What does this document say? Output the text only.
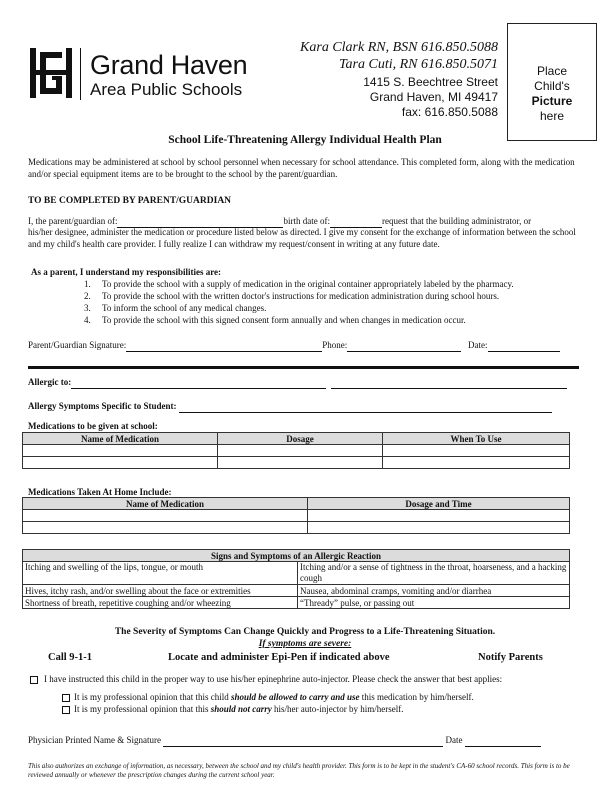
Grand Haven
Area Public Schools
Kara Clark RN, BSN 616.850.5088
Tara Cuti, RN 616.850.5071
1415 S. Beechtree Street
Grand Haven, MI 49417
fax: 616.850.5088
Place
Child's
Picture
here
School Life-Threatening Allergy Individual Health Plan
Medications may be administered at school by school personnel when necessary for school attendance. This completed form, along with the medication and/or special equipment items are to be brought to the school by the parent/guardian.
TO BE COMPLETED BY PARENT/GUARDIAN
I, the parent/guardian of:	birth date of:	request that the building administrator, or
his/her designee, administer the medication or procedure listed below as directed. I give my consent for the exchange of information between the school and my child's health care provider. I fully realize I can withdraw my request/consent in writing at any future date.
As a parent, I understand my responsibilities are:
1. To provide the school with a supply of medication in the original container appropriately labeled by the pharmacy.
2. To provide the school with the written doctor's instructions for medication administration during school hours.
3. To inform the school of any medical changes.
4. To provide the school with this signed consent form annually and when changes in medication occur.
Parent/Guardian Signature:	Phone:	Date:
Allergic to:
Allergy Symptoms Specific to Student:
Medications to be given at school:
Name of Medication	Dosage	When To Use

Medications Taken At Home Include:
Name of Medication	Dosage and Time

Signs and Symptoms of an Allergic Reaction	
Itching and swelling of the lips, tongue, or mouth	Itching and/or a sense of tightness in the throat, hoarseness, and a hacking cough
Hives, itchy rash, and/or swelling about the face or extremities	Nausea, abdominal cramps, vomiting and/or diarrhea
Shortness of breath, repetitive coughing and/or wheezing	“Thready” pulse, or passing out
The Severity of Symptoms Can Change Quickly and Progress to a Life-Threatening Situation.
If symptoms are severe:
Call 9-1-1	Locate and administer Epi-Pen if indicated above	Notify Parents
I have instructed this child in the proper way to use his/her epinephrine auto-injector. Please check the answer that best applies:
It is my professional opinion that this child should be allowed to carry and use this medication by him/herself.
It is my professional opinion that this should not carry his/her auto-injector by him/herself.
Physician Printed Name & Signature	Date
This also authorizes an exchange of information, as necessary, between the school and my child's health provider. This form is to be kept in the student's CA-60 school records. This form is to be reviewed annually or whenever the prescription changes during the current school year.
